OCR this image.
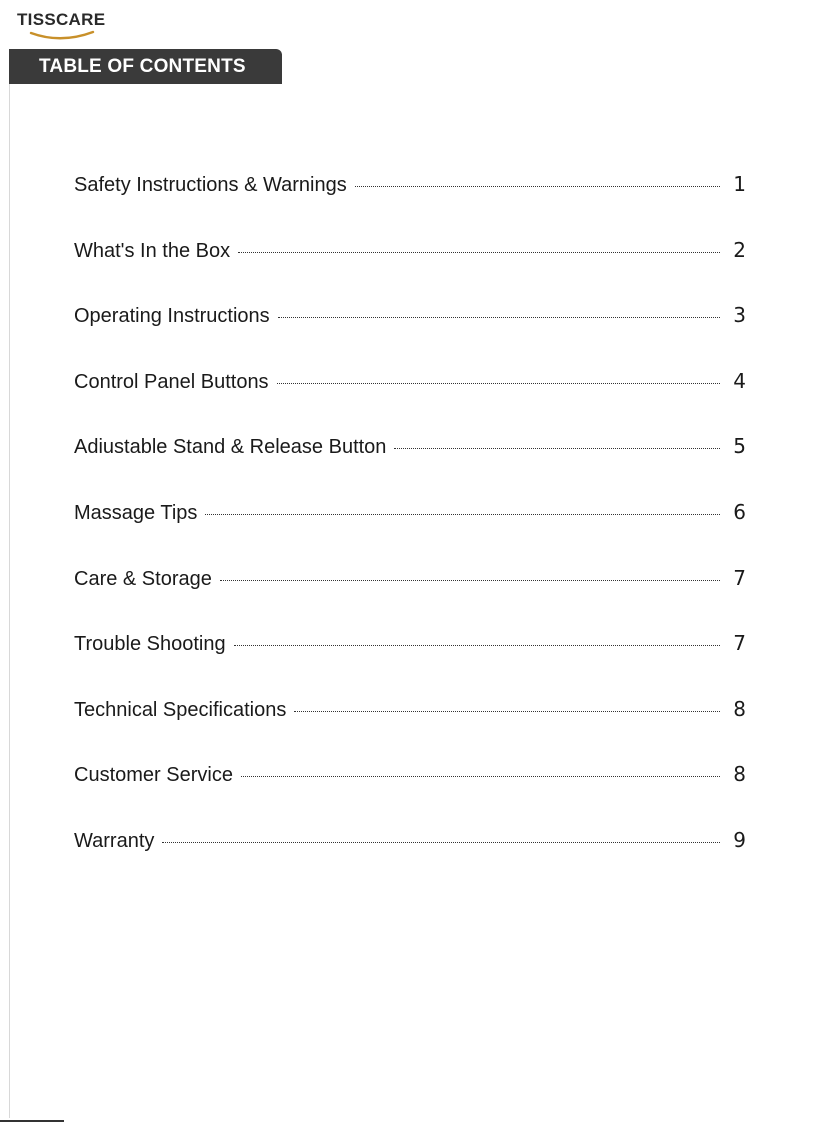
TISSCARE
TABLE OF CONTENTS
Safety Instructions & Warnings	1
What's In the Box	2
Operating Instructions	3
Control Panel Buttons	4
Adiustable Stand & Release Button	5
Massage Tips	6
Care & Storage	7
Trouble Shooting	7
Technical Specifications	8
Customer Service	8
Warranty	9
